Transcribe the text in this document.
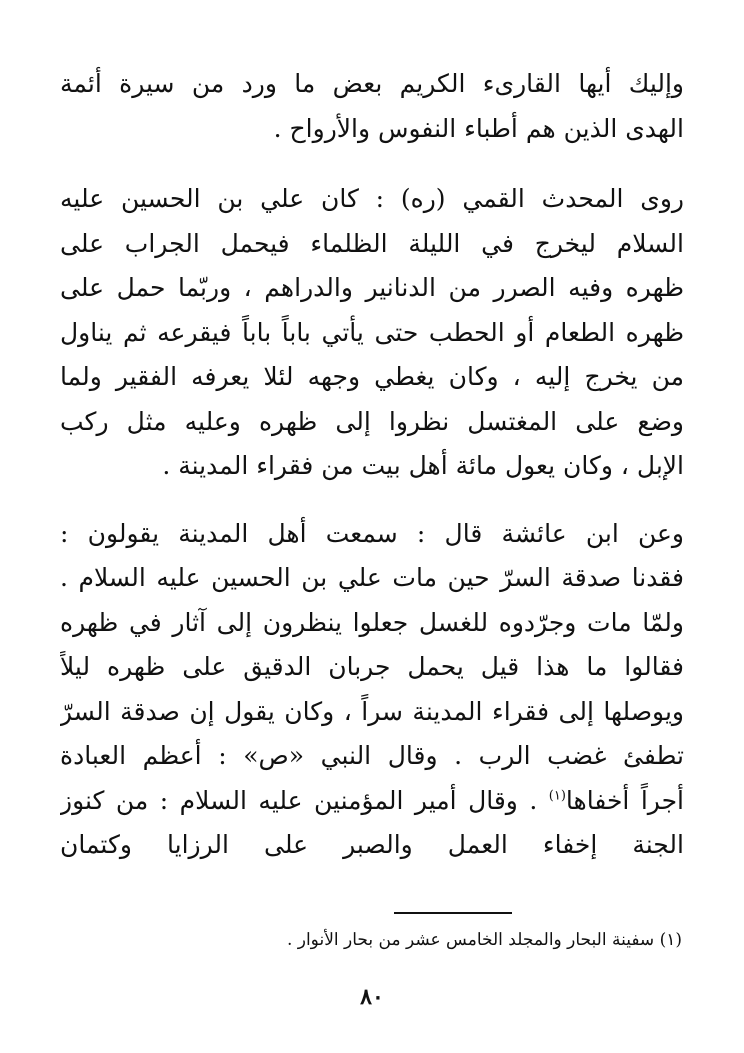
وإليك أيها القارىء الكريم بعض ما ورد من سيرة أئمة
الهدى الذين هم أطباء النفوس والأرواح .

روى المحدث القمي (ره) : كان علي بن الحسين عليه
السلام ليخرج في الليلة الظلماء فيحمل الجراب على
ظهره وفيه الصرر من الدنانير والدراهم ، وربّما حمل على
ظهره الطعام أو الحطب حتى يأتي باباً باباً فيقرعه ثم يناول
من يخرج إليه ، وكان يغطي وجهه لئلا يعرفه الفقير ولما
وضع على المغتسل نظروا إلى ظهره وعليه مثل ركب
الإبل ، وكان يعول مائة أهل بيت من فقراء المدينة .

وعن ابن عائشة قال : سمعت أهل المدينة يقولون :
فقدنا صدقة السرّ حين مات علي بن الحسين عليه السلام .
ولمّا مات وجرّدوه للغسل جعلوا ينظرون إلى آثار في ظهره
فقالوا ما هذا قيل يحمل جربان الدقيق على ظهره ليلاً
ويوصلها إلى فقراء المدينة سراً ، وكان يقول إن صدقة السرّ
تطفئ غضب الرب . وقال النبي «ص» : أعظم العبادة
أجراً أخفاها$^{(١)}$ . وقال أمير المؤمنين عليه السلام : من كنوز
الجنة إخفاء العمل والصبر على الرزايا وكتمان

(١) سفينة البحار والمجلد الخامس عشر من بحار الأنوار .
٨٠
